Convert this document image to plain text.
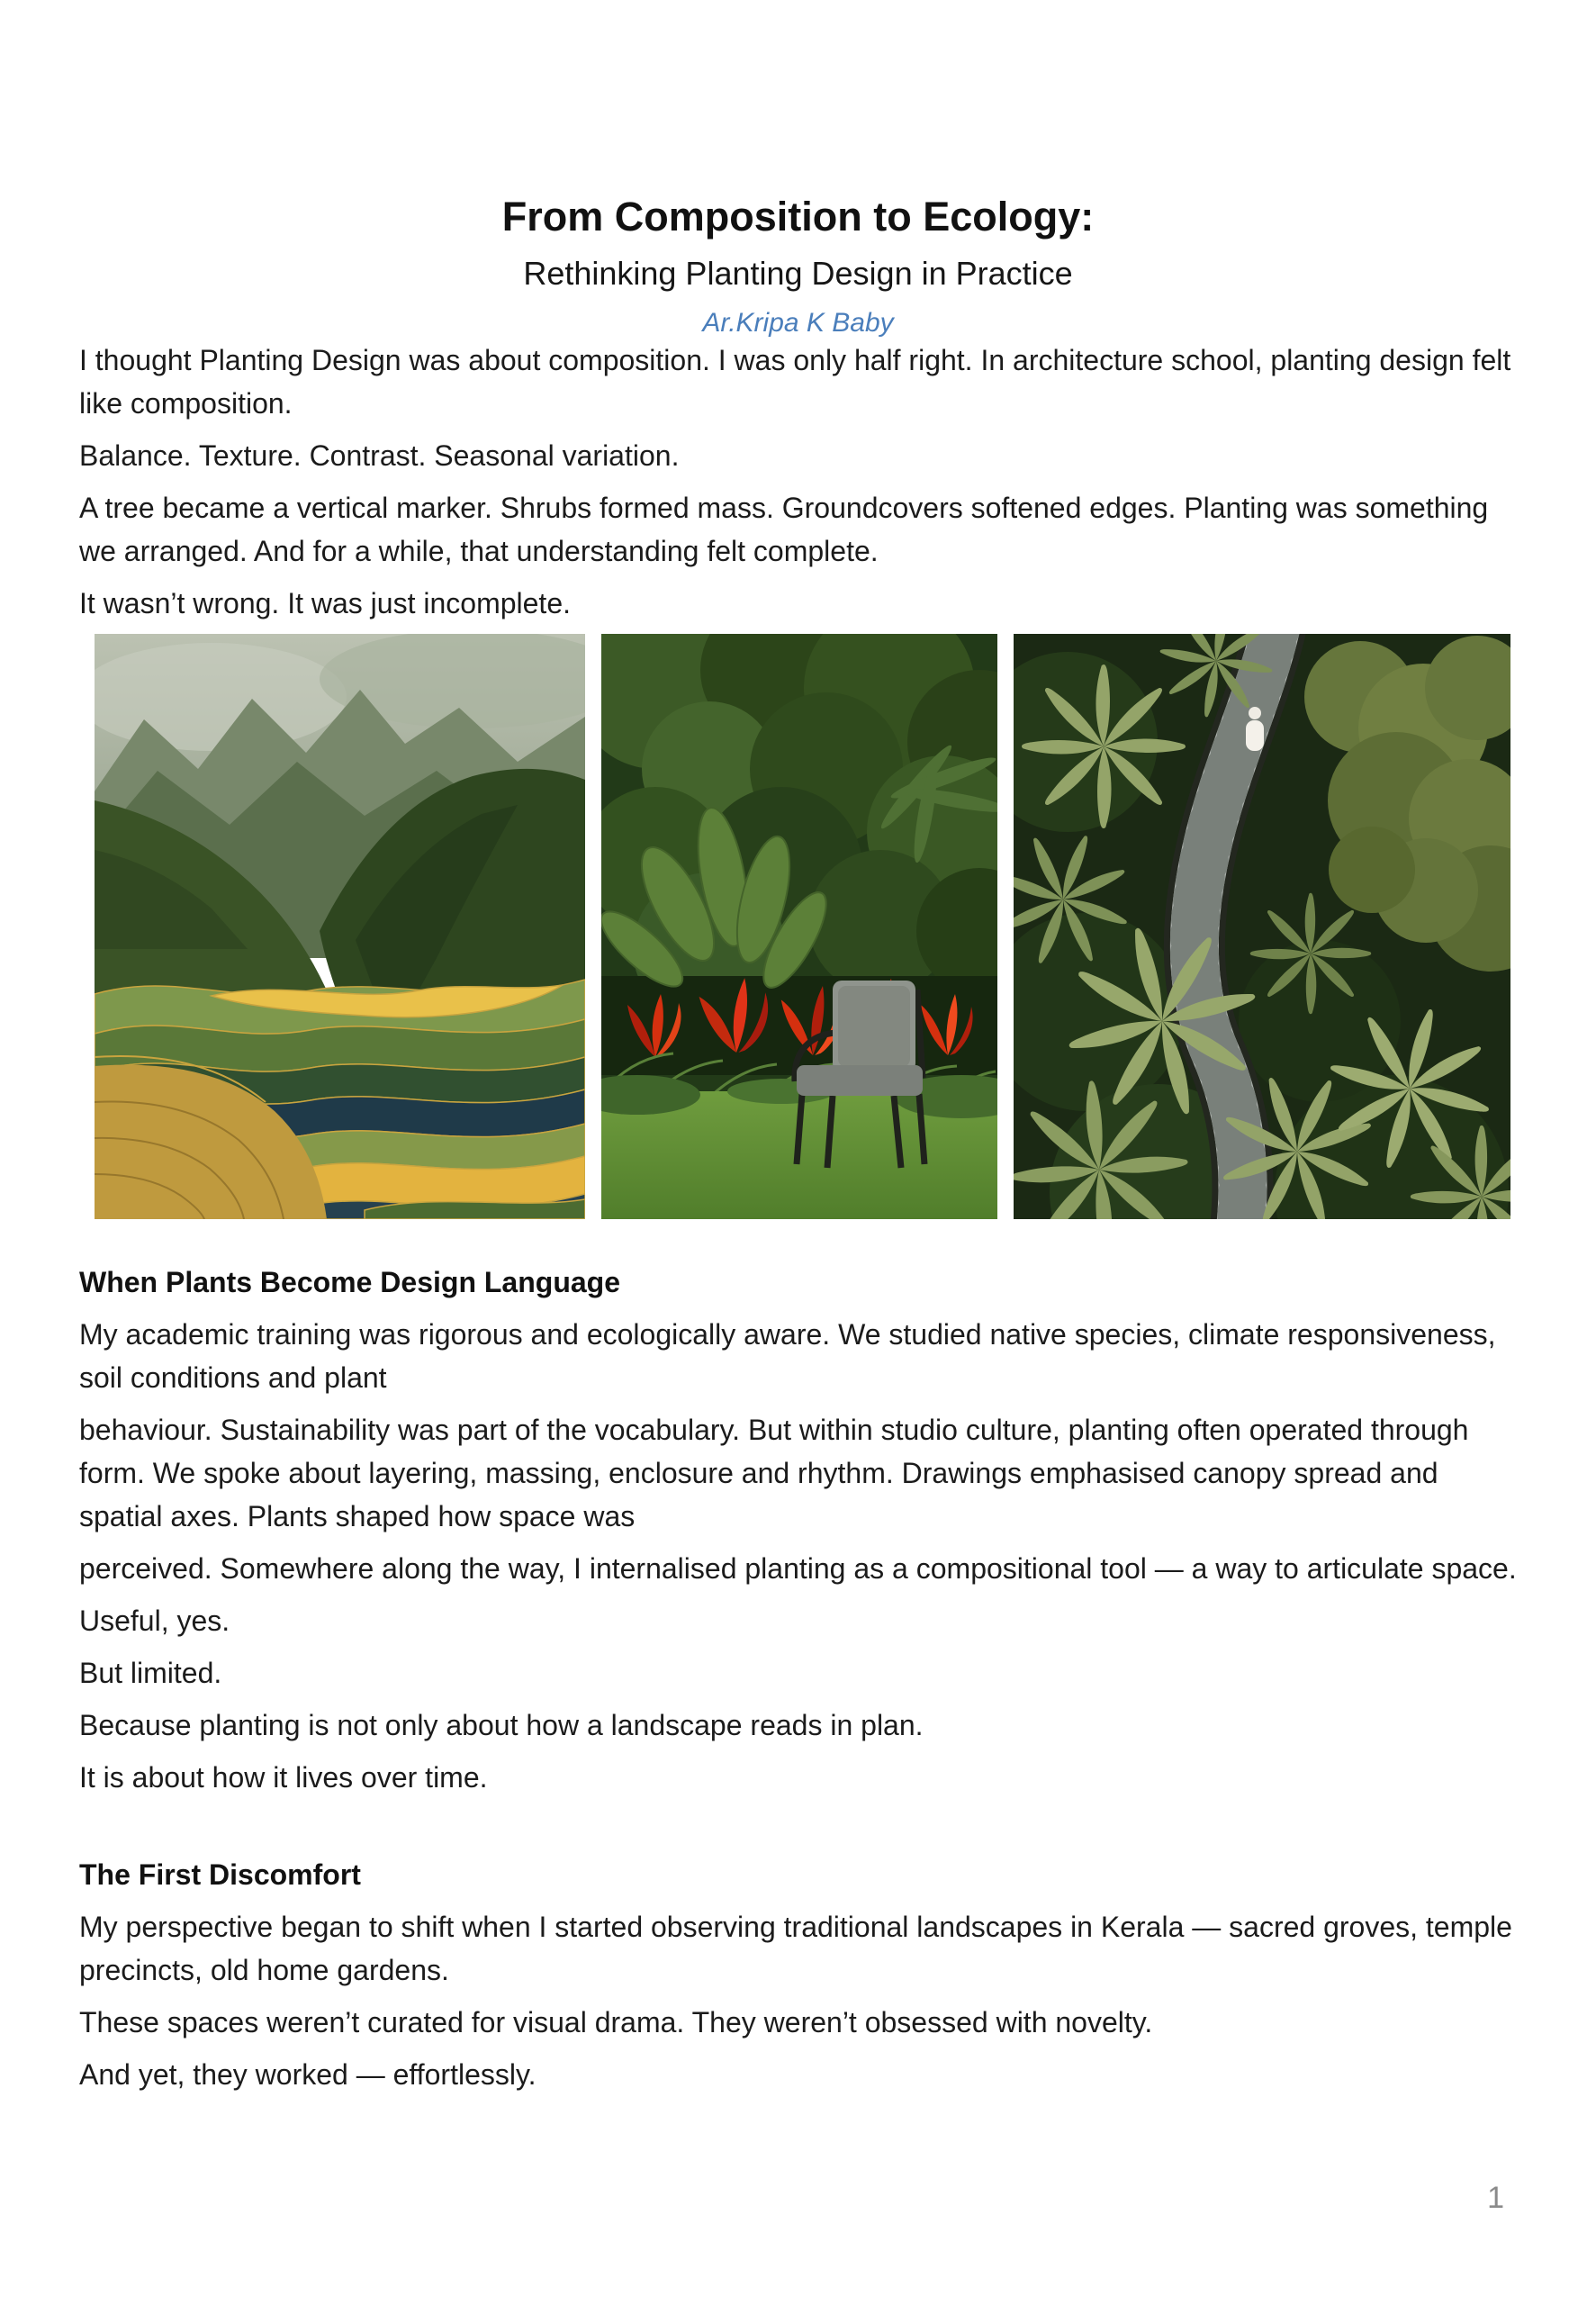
From Composition to Ecology:
Rethinking Planting Design in Practice
Ar.Kripa K Baby

I thought Planting Design was about composition. I was only half right. In architecture school, planting design felt like composition.

Balance. Texture. Contrast. Seasonal variation.

A tree became a vertical marker. Shrubs formed mass. Groundcovers softened edges. Planting was something we arranged. And for a while, that understanding felt complete.

It wasn’t wrong. It was just incomplete.

When Plants Become Design Language

My academic training was rigorous and ecologically aware. We studied native species, climate responsiveness, soil conditions and plant

behaviour. Sustainability was part of the vocabulary. But within studio culture, planting often operated through form. We spoke about layering, massing, enclosure and rhythm. Drawings emphasised canopy spread and spatial axes. Plants shaped how space was

perceived. Somewhere along the way, I internalised planting as a compositional tool — a way to articulate space.

Useful, yes.

But limited.

Because planting is not only about how a landscape reads in plan.

It is about how it lives over time.

The First Discomfort

My perspective began to shift when I started observing traditional landscapes in Kerala — sacred groves, temple precincts, old home gardens.

These spaces weren’t curated for visual drama. They weren’t obsessed with novelty.

And yet, they worked — effortlessly.

1
